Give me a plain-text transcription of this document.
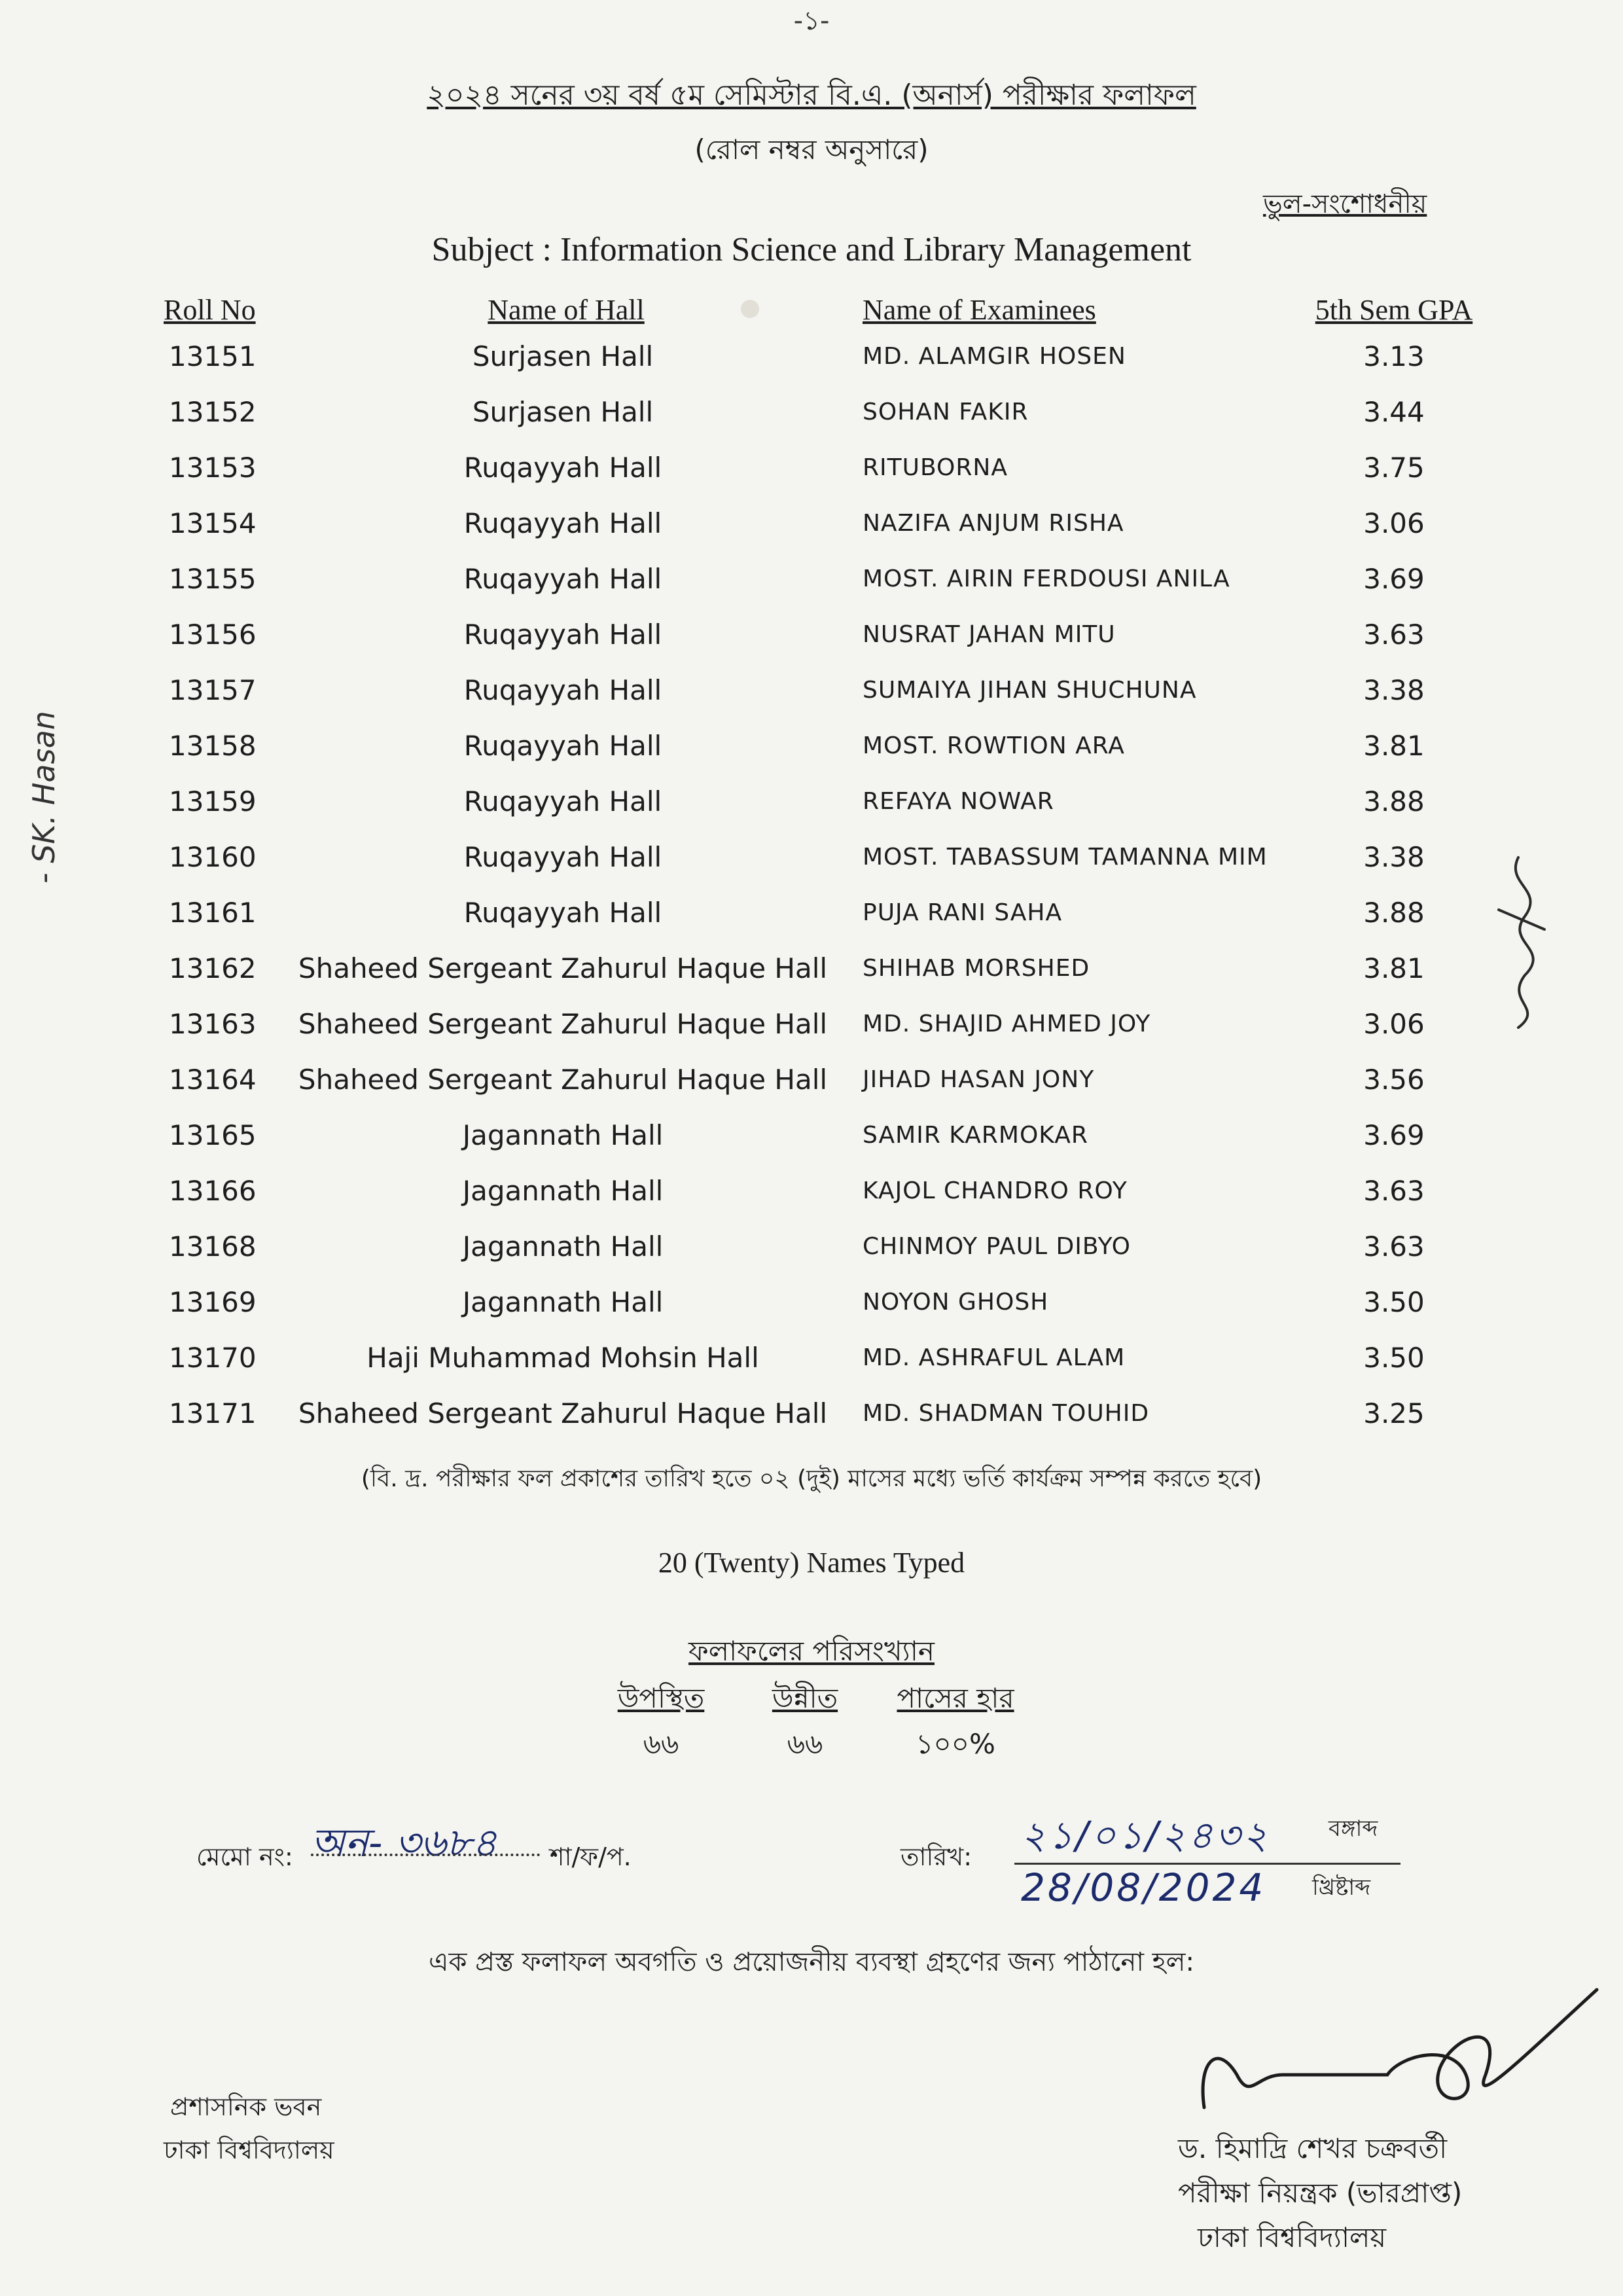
-১-
২০২৪ সনের ৩য় বর্ষ ৫ম সেমিস্টার বি.এ. (অনার্স) পরীক্ষার ফলাফল
(রোল নম্বর অনুসারে)
ভুল-সংশোধনীয়
Subject : Information Science and Library Management
Roll No	Name of Hall	Name of Examinees	5th Sem GPA
13151	Surjasen Hall	MD. ALAMGIR HOSEN	3.13
13152	Surjasen Hall	SOHAN FAKIR	3.44
13153	Ruqayyah Hall	RITUBORNA	3.75
13154	Ruqayyah Hall	NAZIFA ANJUM RISHA	3.06
13155	Ruqayyah Hall	MOST. AIRIN FERDOUSI ANILA	3.69
13156	Ruqayyah Hall	NUSRAT JAHAN MITU	3.63
13157	Ruqayyah Hall	SUMAIYA JIHAN SHUCHUNA	3.38
13158	Ruqayyah Hall	MOST. ROWTION ARA	3.81
13159	Ruqayyah Hall	REFAYA NOWAR	3.88
13160	Ruqayyah Hall	MOST. TABASSUM TAMANNA MIM	3.38
13161	Ruqayyah Hall	PUJA RANI SAHA	3.88
13162	Shaheed Sergeant Zahurul Haque Hall	SHIHAB MORSHED	3.81
13163	Shaheed Sergeant Zahurul Haque Hall	MD. SHAJID AHMED JOY	3.06
13164	Shaheed Sergeant Zahurul Haque Hall	JIHAD HASAN JONY	3.56
13165	Jagannath Hall	SAMIR KARMOKAR	3.69
13166	Jagannath Hall	KAJOL CHANDRO ROY	3.63
13168	Jagannath Hall	CHINMOY PAUL DIBYO	3.63
13169	Jagannath Hall	NOYON GHOSH	3.50
13170	Haji Muhammad Mohsin Hall	MD. ASHRAFUL ALAM	3.50
13171	Shaheed Sergeant Zahurul Haque Hall	MD. SHADMAN TOUHID	3.25
(বি. দ্র. পরীক্ষার ফল প্রকাশের তারিখ হতে ০২ (দুই) মাসের মধ্যে ভর্তি কার্যক্রম সম্পন্ন করতে হবে)
20 (Twenty) Names Typed
ফলাফলের পরিসংখ্যান
উপস্থিত	উন্নীত	পাসের হার
৬৬	৬৬	১০০%
মেমো নং: অন- ৩৬৮৪ শা/ফ/প.	তারিখ: ২১/০১/২৪৩২	বঙ্গাব্দ
28/08/2024 খ্রিষ্টাব্দ
এক প্রস্ত ফলাফল অবগতি ও প্রয়োজনীয় ব্যবস্থা গ্রহণের জন্য পাঠানো হল:
প্রশাসনিক ভবন
ঢাকা বিশ্ববিদ্যালয়	ড. হিমাদ্রি শেখর চক্রবর্তী
পরীক্ষা নিয়ন্ত্রক (ভারপ্রাপ্ত)
ঢাকা বিশ্ববিদ্যালয়
- SK. Hasan
